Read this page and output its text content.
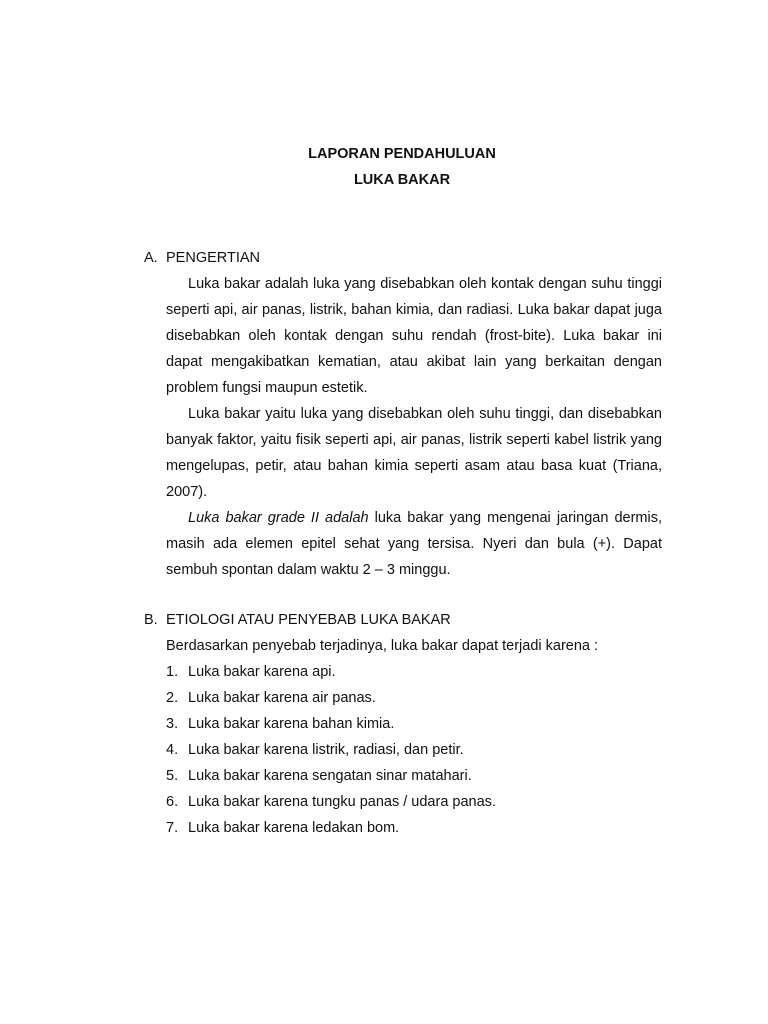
LAPORAN PENDAHULUAN
LUKA BAKAR
A. PENGERTIAN

Luka bakar adalah luka yang disebabkan oleh kontak dengan suhu tinggi seperti api, air panas, listrik, bahan kimia, dan radiasi. Luka bakar dapat juga disebabkan oleh kontak dengan suhu rendah (frost-bite). Luka bakar ini dapat mengakibatkan kematian, atau akibat lain yang berkaitan dengan problem fungsi maupun estetik.

Luka bakar yaitu luka yang disebabkan oleh suhu tinggi, dan disebabkan banyak faktor, yaitu fisik seperti api, air panas, listrik seperti kabel listrik yang mengelupas, petir, atau bahan kimia seperti asam atau basa kuat (Triana, 2007).

Luka bakar grade II adalah luka bakar yang mengenai jaringan dermis, masih ada elemen epitel sehat yang tersisa. Nyeri dan bula (+). Dapat sembuh spontan dalam waktu 2 – 3 minggu.

B. ETIOLOGI ATAU PENYEBAB LUKA BAKAR

Berdasarkan penyebab terjadinya, luka bakar dapat terjadi karena :

1. Luka bakar karena api.
2. Luka bakar karena air panas.
3. Luka bakar karena bahan kimia.
4. Luka bakar karena listrik, radiasi, dan petir.
5. Luka bakar karena sengatan sinar matahari.
6. Luka bakar karena tungku panas / udara panas.
7. Luka bakar karena ledakan bom.
